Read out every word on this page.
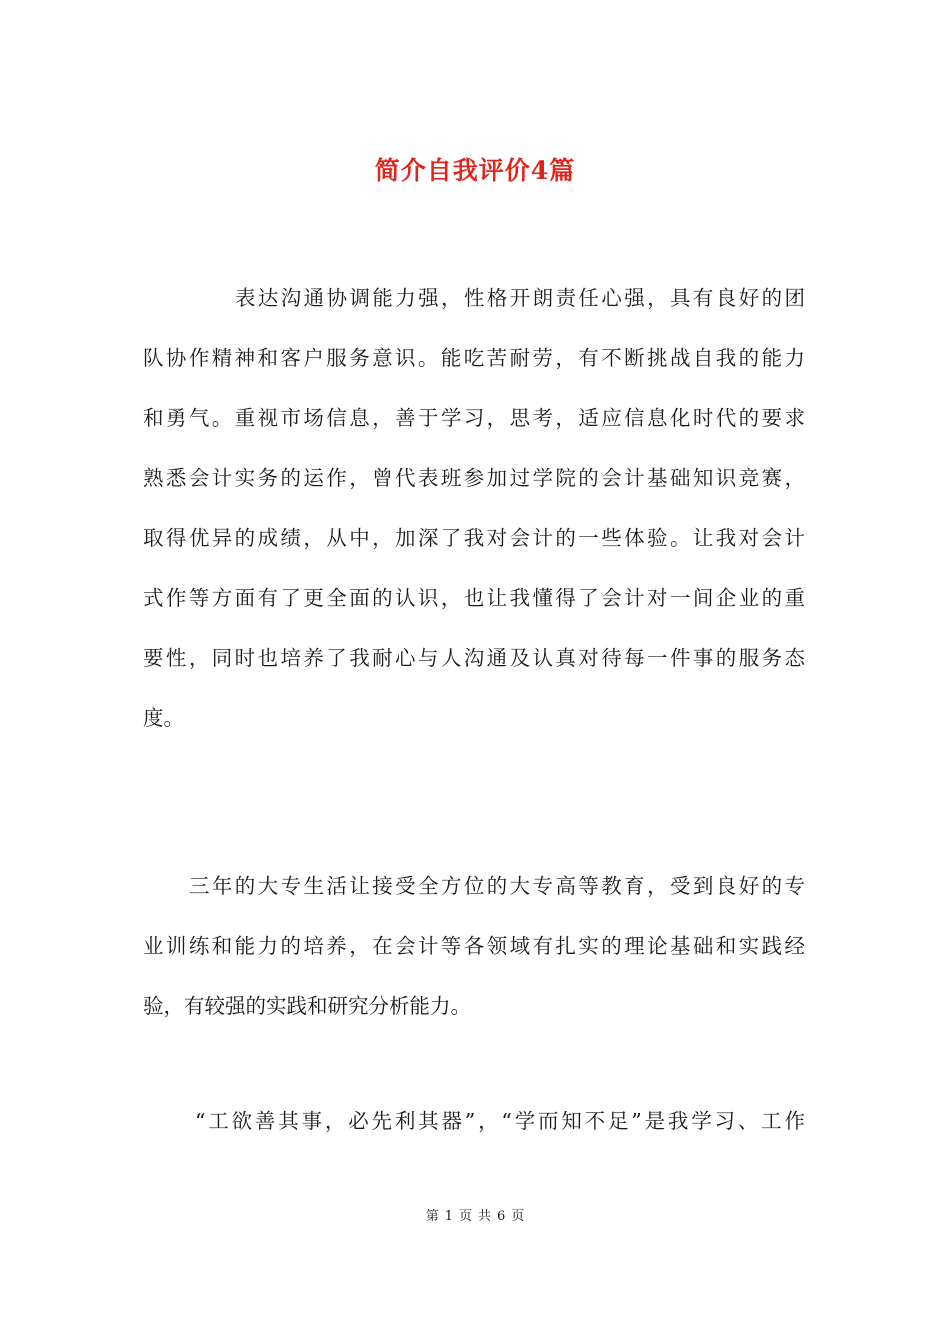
简介自我评价4篇
表达沟通协调能力强，性格开朗责任心强，具有良好的团
队协作精神和客户服务意识。能吃苦耐劳，有不断挑战自我的能力
和勇气。重视市场信息，善于学习，思考，适应信息化时代的要求
熟悉会计实务的运作，曾代表班参加过学院的会计基础知识竞赛，
取得优异的成绩，从中，加深了我对会计的一些体验。让我对会计
式作等方面有了更全面的认识，也让我懂得了会计对一间企业的重
要性，同时也培养了我耐心与人沟通及认真对待每一件事的服务态
度。
三年的大专生活让接受全方位的大专高等教育，受到良好的专
业训练和能力的培养，在会计等各领域有扎实的理论基础和实践经
验，有较强的实践和研究分析能力。
“工欲善其事，必先利其器”，“学而知不足”是我学习、工作
第 1 页 共 6 页
